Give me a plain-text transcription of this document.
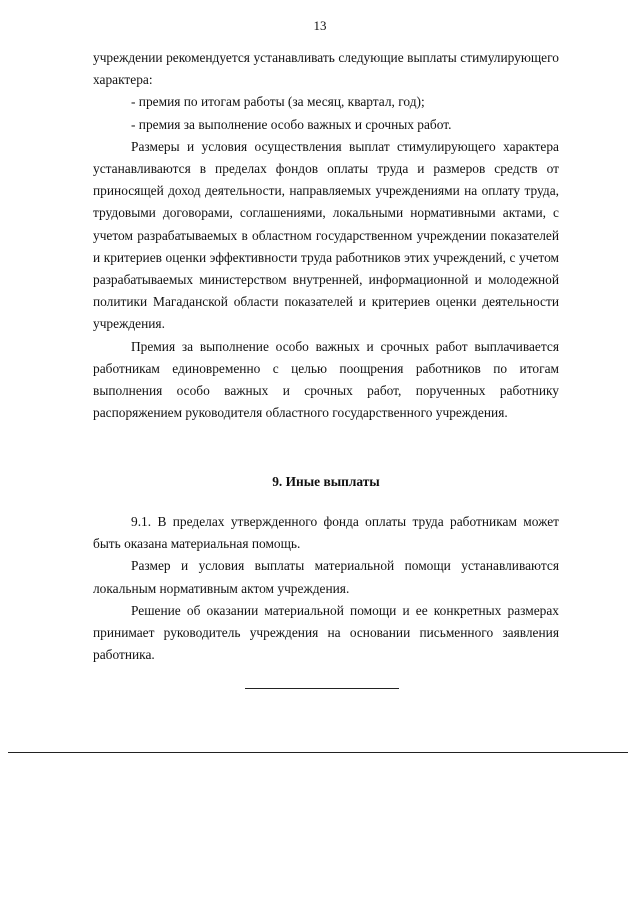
13

учреждении рекомендуется устанавливать следующие выплаты стимулирующего характера:

- премия по итогам работы (за месяц, квартал, год);

- премия за выполнение особо важных и срочных работ.

Размеры и условия осуществления выплат стимулирующего характера устанавливаются в пределах фондов оплаты труда и размеров средств от приносящей доход деятельности, направляемых учреждениями на оплату труда, трудовыми договорами, соглашениями, локальными нормативными актами, с учетом разрабатываемых в областном государственном учреждении показателей и критериев оценки эффективности труда работников этих учреждений, с учетом разрабатываемых министерством внутренней, информационной и молодежной политики Магаданской области показателей и критериев оценки деятельности учреждения.

Премия за выполнение особо важных и срочных работ выплачивается работникам единовременно с целью поощрения работников по итогам выполнения особо важных и срочных работ, порученных работнику распоряжением руководителя областного государственного учреждения.

9. Иные выплаты

9.1. В пределах утвержденного фонда оплаты труда работникам может быть оказана материальная помощь.

Размер и условия выплаты материальной помощи устанавливаются локальным нормативным актом учреждения.

Решение об оказании материальной помощи и ее конкретных размерах принимает руководитель учреждения на основании письменного заявления работника.
